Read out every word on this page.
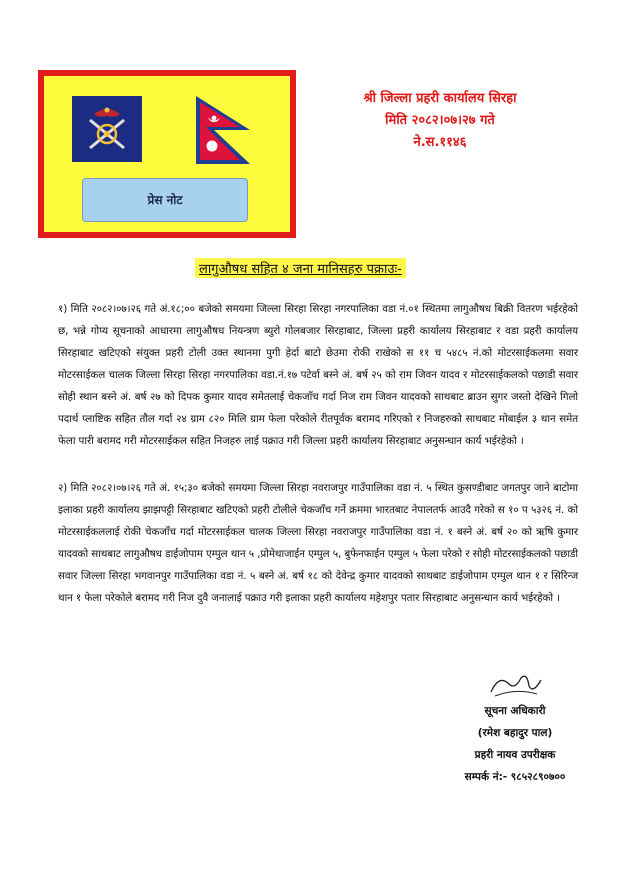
प्रेस नोट
श्री जिल्ला प्रहरी कार्यालय सिरहा
मिति २०८२।०७।२७ गते
ने.स.११४६
लागुऔषध सहित ४ जना मानिसहरु पक्राउः-

१) मिति २०८२।०७।२६ गते अं.१८;०० बजेको समयमा जिल्ला सिरहा सिरहा नगरपालिका वडा नं.०१ स्थितमा लागुऔषध बिक्री वितरण भईरहेको छ, भन्ने गोप्य सूचनाको आधारमा लागुऔषध नियन्त्रण ब्युरो गोलबजार सिरहाबाट, जिल्ला प्रहरी कार्यालय सिरहाबाट र वडा प्रहरी कार्यालय सिरहाबाट खटिएको संयुक्त प्रहरी टोली उक्त स्थानमा पुगी हेर्दा बाटो छेउमा रोकी राखेको स ११ च ५४८५ नं.को मोटरसाईकलमा सवार मोटरसाईकल चालक जिल्ला सिरहा सिरहा नगरपालिका वडा.नं.१७ पटेर्वा बस्ने अं. बर्ष २५ को राम जिवन यादव र मोटरसाईकलको पछाडी सवार सोही स्थान बस्ने अं. बर्ष २७ को दिपक कुमार यादव समेतलाई चेकजाँच गर्दा निज राम जिवन यादवको साथबाट ब्राउन सुगर जस्तो देखिने गिलो पदार्थ प्लाष्टिक सहित तौल गर्दा २४ ग्राम ८२० मिलि ग्राम फेला परेकोले रीतपूर्वक बरामद गरिएको र निजहरुको साथबाट मोबाईल ३ थान समेत फेला पारी बरामद गरी मोटरसाईकल सहित निजहरु लाई पक्राउ गरी जिल्ला प्रहरी कार्यालय सिरहाबाट अनुसन्धान कार्य भईरहेको ।

२) मिति २०८२।०७।२६ गते अं. १५;३० बजेको समयमा जिल्ला सिरहा नवराजपुर गाउँपालिका वडा नं. ५ स्थित कुसण्डीबाट जगतपुर जाने बाटोमा इलाका प्रहरी कार्यालय झाझपट्टी सिरहाबाट खटिएको प्रहरी टोलीले चेकजाँच गर्ने क्रममा भारतबाट नेपालतर्फ आउदै गरेको स १० प ५३२६ नं. को मोटरसाईकललाई रोकी चेकजाँच गर्दा मोटरसाईकल चालक जिल्ला सिरहा नवराजपुर गाउँपालिका वडा नं. १ बस्ने अं. बर्ष २० को ऋषि कुमार यादवको साथबाट लागुऔषध डाईजोपाम एम्पुल थान ५ ,प्रोमेथाजाईन एम्पुल ५, बुफेनफाईन एम्पुल ५ फेला परेको र सोही मोटरसाईकलको पछाडी सवार जिल्ला सिरहा भगवानपुर गाउँपालिका वडा नं. ५ बस्ने अं. बर्ष १८ को देवेन्द्र कुमार यादवको साथबाट डाईजोपाम एम्पुल थान १ र सिरिन्ज थान १ फेला परेकोले बरामद गरी निज दुवै जनालाई पक्राउ गरी इलाका प्रहरी कार्यालय महेशपुर पतार सिरहाबाट अनुसन्धान कार्य भईरहेको ।

सूचना अधिकारी
(रमेश बहादुर पाल)
प्रहरी नायव उपरीक्षक
सम्पर्क नं:- ९८५२८९०७००
